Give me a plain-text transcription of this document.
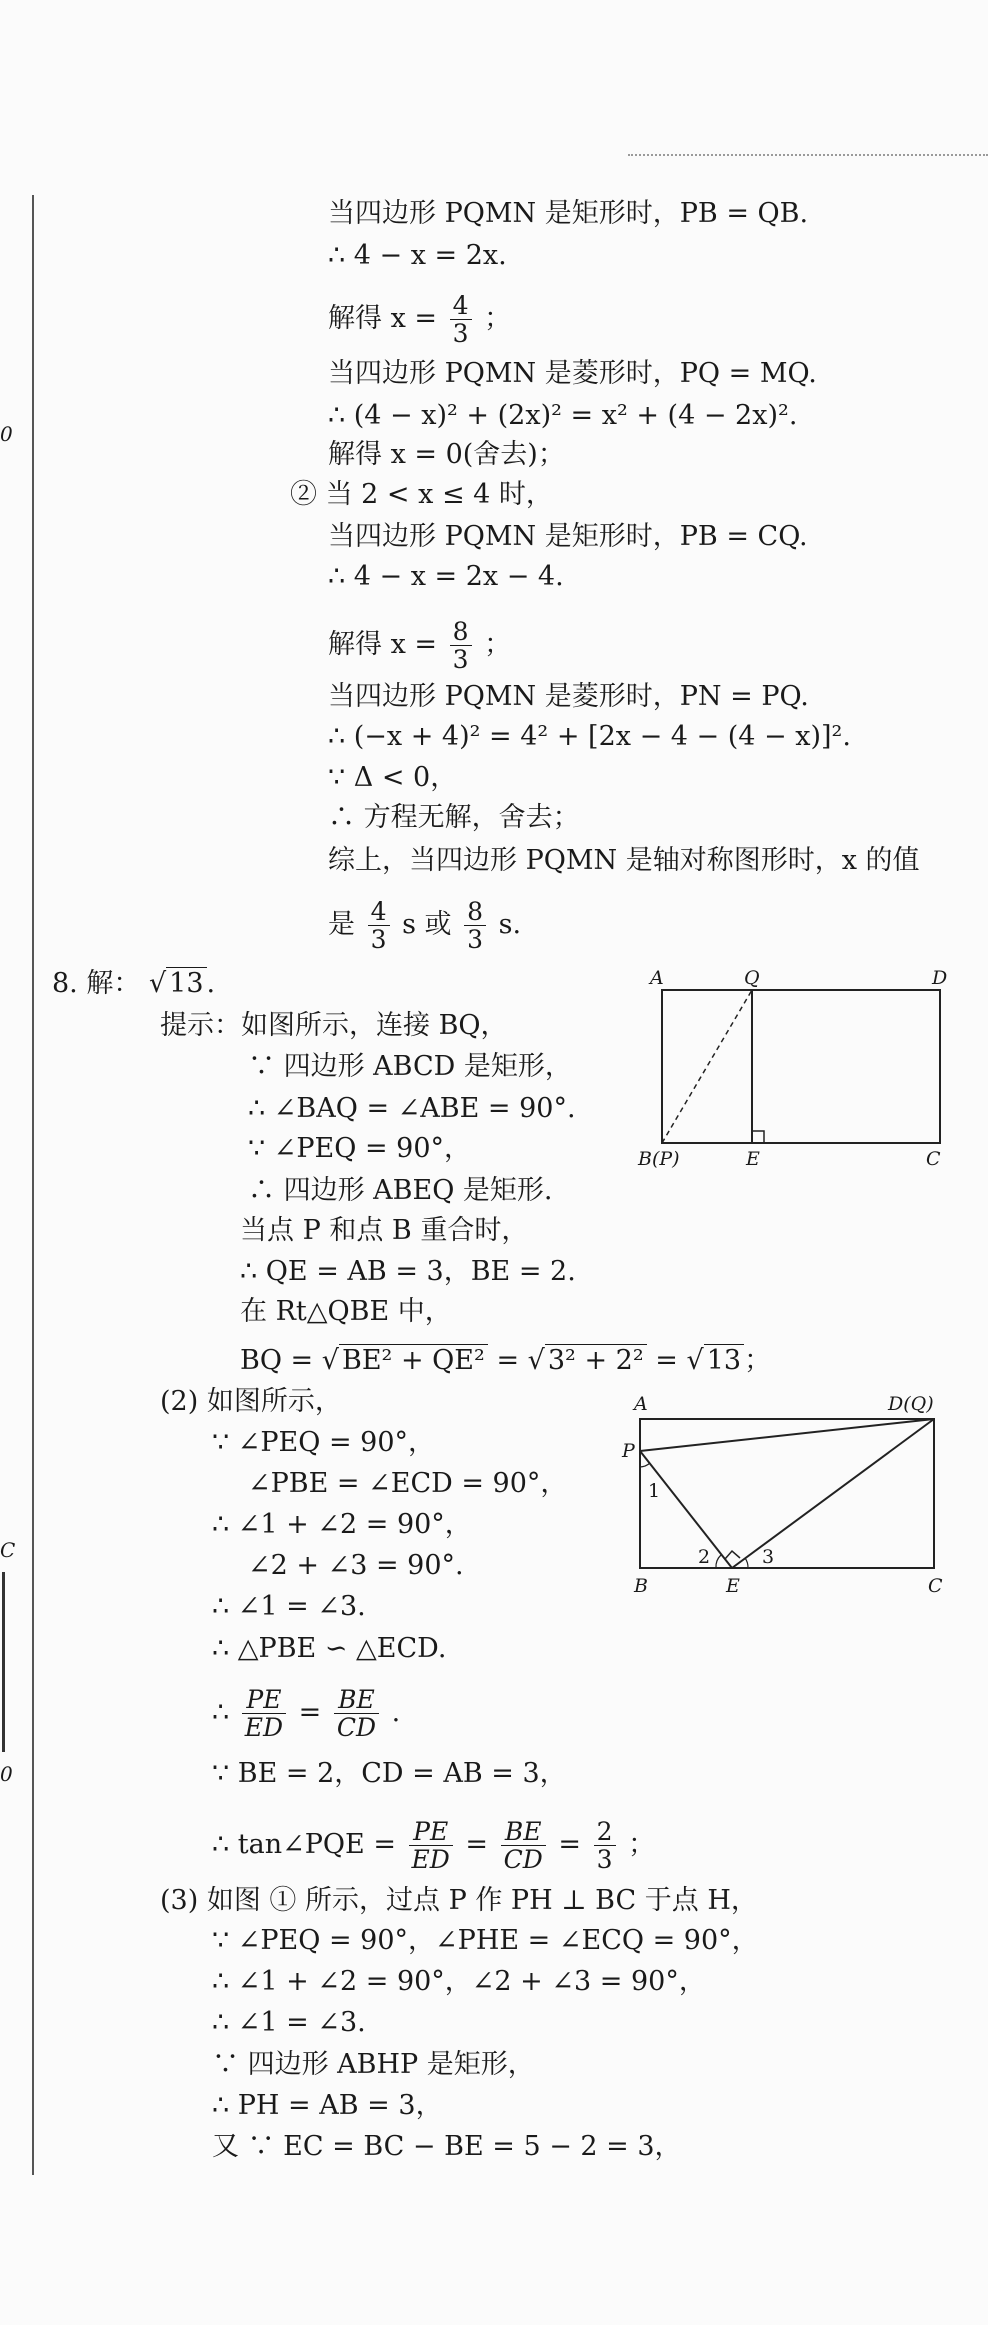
0
C
0
当四边形 PQMN 是矩形时，PB = QB.
∴ 4 − x = 2x.
解得 $x = \frac{4}{3}$ ；
当四边形 PQMN 是菱形时，PQ = MQ.
∴ (4 − x)² + (2x)² = x² + (4 − 2x)².
解得 x = 0(舍去)；
② 当 2 < x ≤ 4 时，
当四边形 PQMN 是矩形时，PB = CQ.
∴ 4 − x = 2x − 4.
解得 $x = \frac{8}{3}$ ；
当四边形 PQMN 是菱形时，PN = PQ.
∴ (−x + 4)² = 4² + [2x − 4 − (4 − x)]².
∵ Δ < 0，
∴ 方程无解，舍去；
综上，当四边形 PQMN 是轴对称图形时，x 的值
是 $\frac{4}{3}$ s 或 $\frac{8}{3} s$.
8. 解： √ 13 .
提示：如图所示，连接 BQ，
∵ 四边形 ABCD 是矩形，
∴ ∠BAQ = ∠ABE = 90°.
∵ ∠PEQ = 90°，
∴ 四边形 ABEQ 是矩形.
当点 P 和点 B 重合时，
∴ QE = AB = 3，BE = 2.
在 Rt△QBE 中，
BQ = √ BE² + QE² = √ 3² + 2² = √ 13 ；
(2) 如图所示，
∵ ∠PEQ = 90°，
∠PBE = ∠ECD = 90°，
∴ ∠1 + ∠2 = 90°，
∠2 + ∠3 = 90°.
∴ ∠1 = ∠3.
∴ △PBE ∽ △ECD.
∴ $\frac{PE}{ED} = \frac{BE}{CD}$ .
∵ BE = 2，CD = AB = 3，
∴ tan∠PQE = $\frac{PE}{ED} = \frac{BE}{CD} = \frac{2}{3}$ ；
(3) 如图 ① 所示，过点 P 作 PH ⊥ BC 于点 H，
∵ ∠PEQ = 90°，∠PHE = ∠ECQ = 90°，
∴ ∠1 + ∠2 = 90°，∠2 + ∠3 = 90°，
∴ ∠1 = ∠3.
∵ 四边形 ABHP 是矩形，
∴ PH = AB = 3，
又 ∵ EC = BC − BE = 5 − 2 = 3，
A	Q	D
B(P)	E	C
A	D(Q)
P
1
2	3
B	E	C
